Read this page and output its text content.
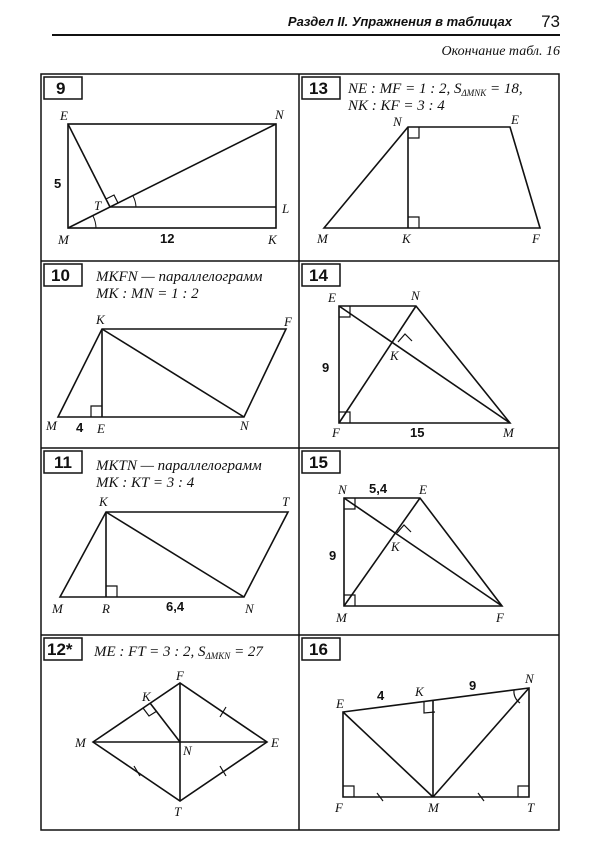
Раздел II. Упражнения в таблицах 73
Окончание табл. 16
9
E	N
T	L
M	K
5
12
13 NE : MF = 1 : 2, $S_{\Delta MNK} = 18$,
NK : KF = 3 : 4
N	E
M	K	F
10 MKFN — параллелограмм
MK : MN = 1 : 2
K	F
M	E	N
4
14
E	N
K
F	M
9
15
11 MKTN — параллелограмм
MK : KT = 3 : 4
K	T
M	R	N
6,4
15
N	E
K
M	F
5,4
9
12* ME : FT = 3 : 2, $S_{\Delta MKN} = 27$
F
K
M
N
E
T
16
E
K
N
F	M	T
4
9
